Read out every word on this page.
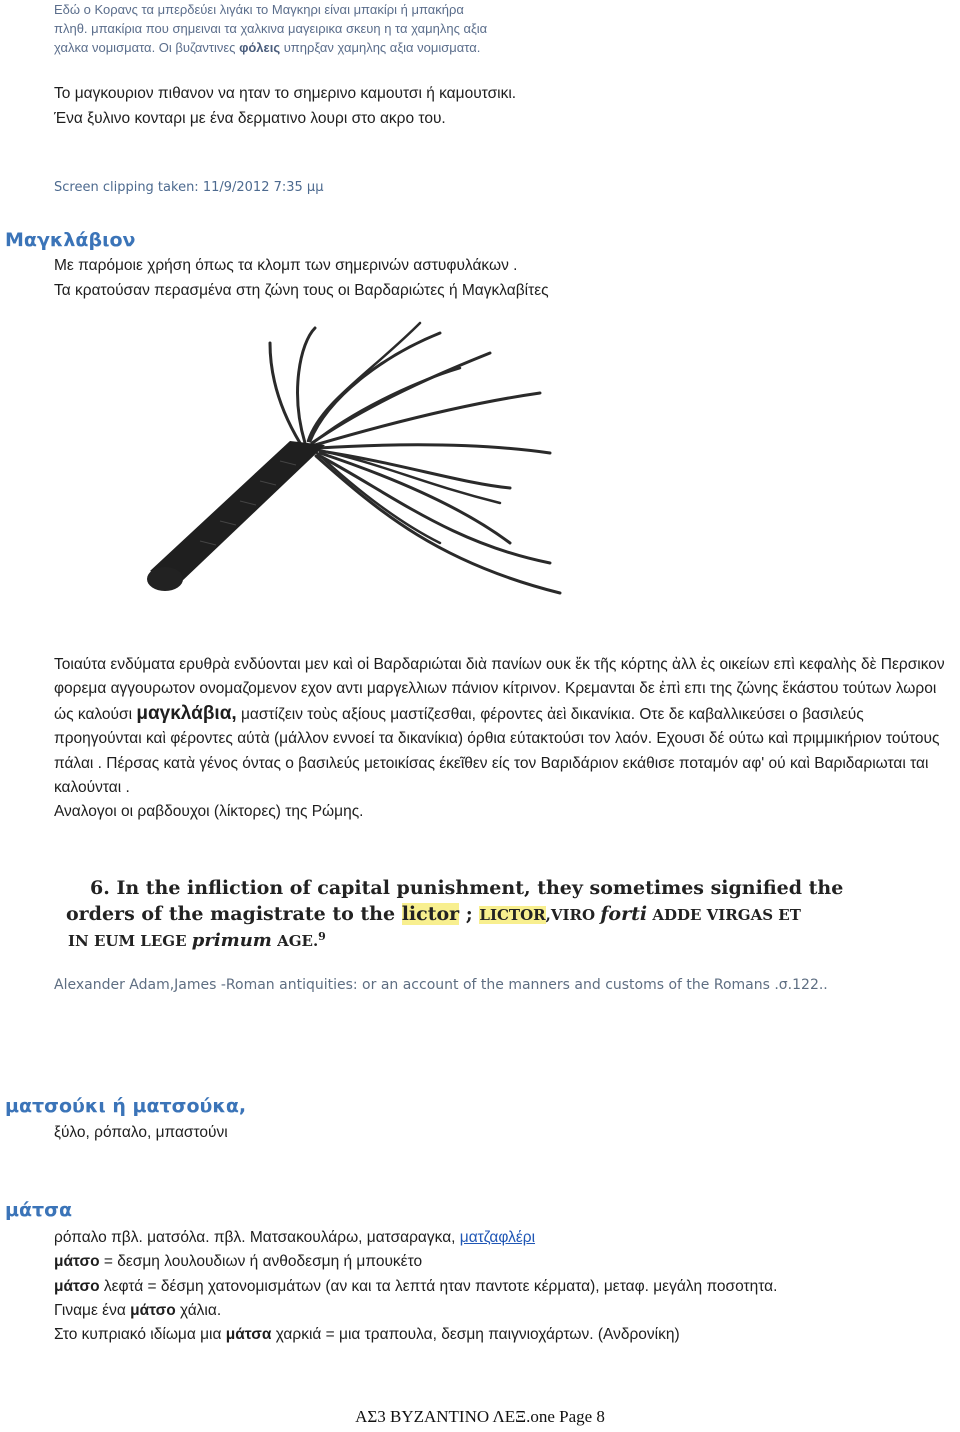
Εδώ ο Κορανς τα μπερδεύει λιγάκι το Μαγκηρι είναι μπακίρι ή μπακήρα
πληθ. μπακίρια που σημειναι τα χαλκινα μαγειρικα σκευη η τα χαμηλης αξια
χαλκα νομισματα. Οι βυζαντινες φόλεις υπηρξαν χαμηλης αξια νομισματα.
Το μαγκουριον πιθανον να ηταν το σημερινο καμουτσι ή καμουτσικι.
Ένα ξυλινο κονταρι με ένα δερματινο λουρι στο ακρο του.
Screen clipping taken: 11/9/2012 7:35 μμ
Μαγκλάβιον
Με παρόμοιε χρήση όπως τα κλομπ των σημερινών αστυφυλάκων .
Τα κρατούσαν περασμένα στη ζώνη τους οι Βαρδαριώτες ή Μαγκλαβίτες
Τοιαύτα ενδύματα ερυθρὰ ενδύονται μεν καὶ οἱ Βαρδαριώται διὰ πανίων ουκ ἔκ τῆς κόρτης ἀλλ ἐς οικείων επὶ κεφαλὴς δὲ Περσικον φορεμα αγγουρωτον ονομαζομενον εχον αντι μαργελλιων πάνιον κίτρινον. Κρεμανται δε ἐπὶ επι της ζώνης ἔκάστου τούτων λωροι ώς καλούσι μαγκλάβια, μαστίζειν τοὺς αξίους μαστίζεσθαι, φέροντες ἀεὶ δικανίκια. Οτε δε καβαλλικεύσει ο βασιλεύς προηγούνται καὶ φέροντες αύτὰ (μάλλον εννοεί τα δικανίκια) όρθια εύτακτούσι τον λαόν. Εχουσι δέ ούτω καὶ πριμμικήριον τούτους πάλαι . Πέρσας κατὰ γένος όντας ο βασιλεύς μετοικίσας έκεῖθεν είς τον Βαριδάριον εκάθισε ποταμόν αφ' ού καὶ Βαριδαριωται ται καλούνται .
Αναλογοι οι ραβδουχοι (λίκτορες) της Ρώμης.
6. In the infliction of capital punishment, they sometimes signified the
orders of the magistrate to the lictor ; LICTOR,VIRO forti ADDE VIRGAS ET
IN EUM LEGE primum AGE.$^9$
Alexander Adam,James -Roman antiquities: or an account of the manners and customs of the Romans .σ.122..
ματσούκι ή ματσούκα,
ξύλο, ρόπαλο, μπαστούνι
μάτσα
ρόπαλο πβλ. ματσόλα. πβλ. Ματσακουλάρω, ματσαραγκα, ματζαφλέρι
μάτσο = δεσμη λουλουδιων ή ανθοδεσμη ή μπουκέτο
μάτσο λεφτά = δέσμη χατονομισμάτων (αν και τα λεπτά ηταν παντοτε κέρματα), μεταφ. μεγάλη ποσοτητα.
Γιναμε ένα μάτσο χάλια.
Στο κυπριακό ιδίωμα μια μάτσα χαρκιά = μια τραπουλα, δεσμη παιγνιοχάρτων. (Ανδρονίκη)
ΑΣ3 ΒΥΖΑΝΤΙΝΟ ΛΕΞ.one Page 8
